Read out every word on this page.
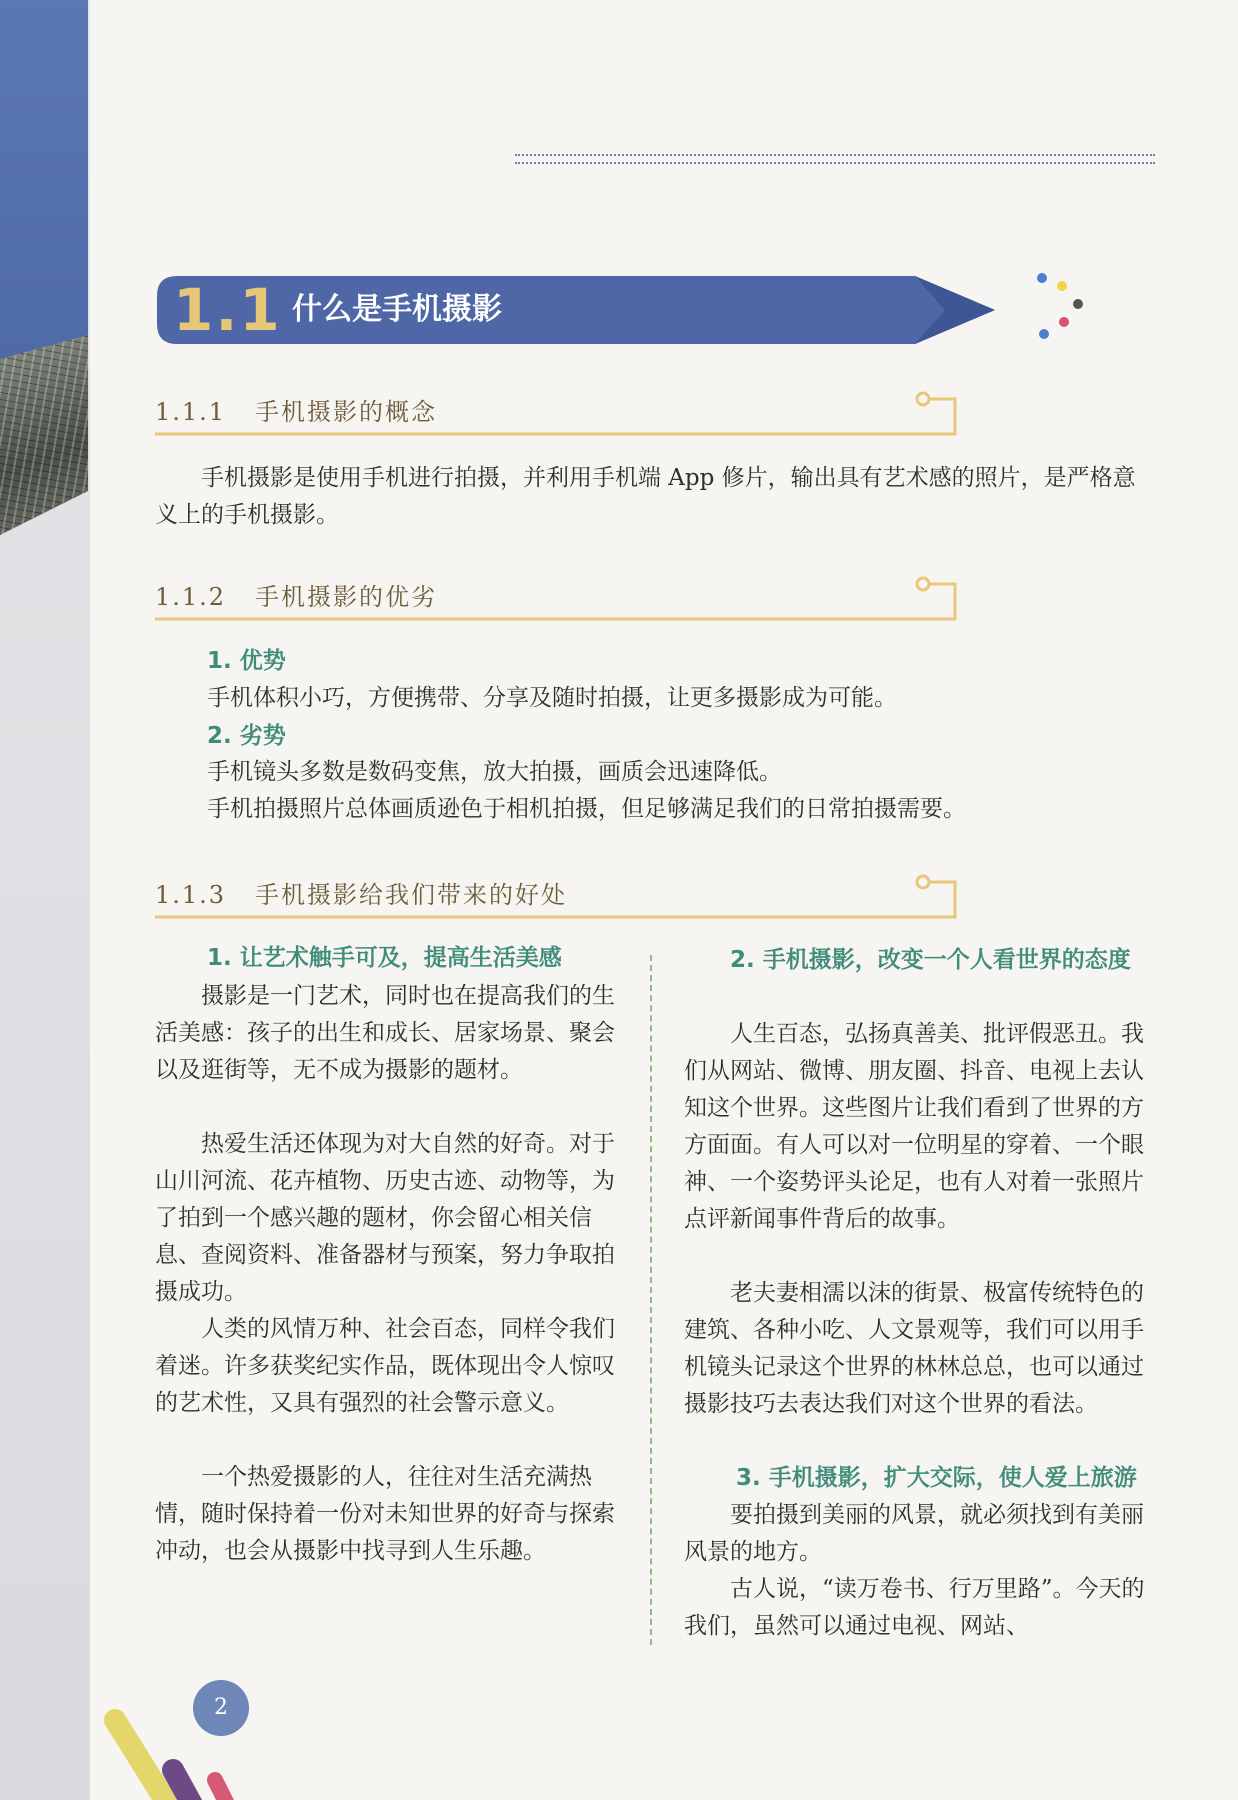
1.1 什么是手机摄影
1.1.1 手机摄影的概念

手机摄影是使用手机进行拍摄，并利用手机端 App 修片，输出具有艺术感的照片，是严格意义上的手机摄影。

1.1.2 手机摄影的优劣
1. 优势

手机体积小巧，方便携带、分享及随时拍摄，让更多摄影成为可能。

2. 劣势

手机镜头多数是数码变焦，放大拍摄，画质会迅速降低。

手机拍摄照片总体画质逊色于相机拍摄，但足够满足我们的日常拍摄需要。

1.1.3 手机摄影给我们带来的好处
1. 让艺术触手可及，提高生活美感

摄影是一门艺术，同时也在提高我们的生活美感：孩子的出生和成长、居家场景、聚会以及逛街等，无不成为摄影的题材。

热爱生活还体现为对大自然的好奇。对于山川河流、花卉植物、历史古迹、动物等，为了拍到一个感兴趣的题材，你会留心相关信息、查阅资料、准备器材与预案，努力争取拍摄成功。

人类的风情万种、社会百态，同样令我们着迷。许多获奖纪实作品，既体现出令人惊叹的艺术性，又具有强烈的社会警示意义。

一个热爱摄影的人，往往对生活充满热情，随时保持着一份对未知世界的好奇与探索冲动，也会从摄影中找寻到人生乐趣。

2. 手机摄影，改变一个人看世界的态度

人生百态，弘扬真善美、批评假恶丑。我们从网站、微博、朋友圈、抖音、电视上去认知这个世界。这些图片让我们看到了世界的方方面面。有人可以对一位明星的穿着、一个眼神、一个姿势评头论足，也有人对着一张照片点评新闻事件背后的故事。

老夫妻相濡以沫的街景、极富传统特色的建筑、各种小吃、人文景观等，我们可以用手机镜头记录这个世界的林林总总，也可以通过摄影技巧去表达我们对这个世界的看法。

3. 手机摄影，扩大交际，使人爱上旅游

要拍摄到美丽的风景，就必须找到有美丽风景的地方。

古人说，“读万卷书、行万里路”。今天的我们，虽然可以通过电视、网站、

2
